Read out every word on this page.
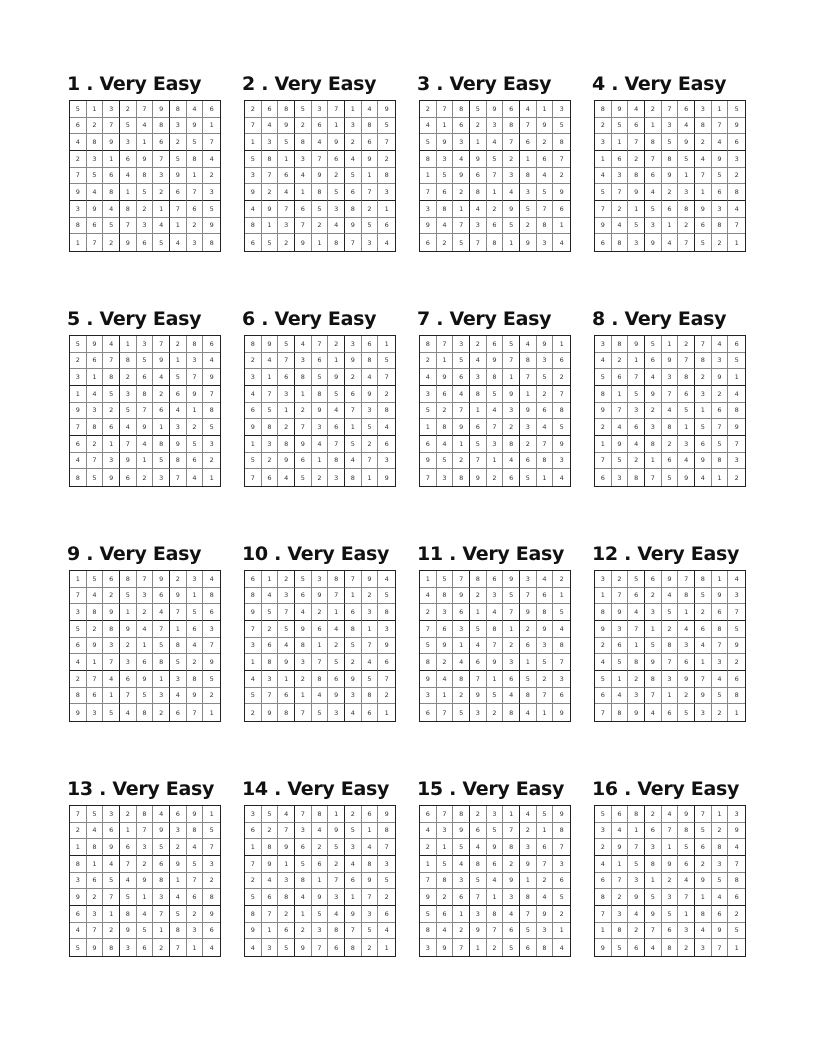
1 . Very Easy
5	1	3	2	7	9	8	4	6
6	2	7	5	4	8	3	9	1
4	8	9	3	1	6	2	5	7
2	3	1	6	9	7	5	8	4
7	5	6	4	8	3	9	1	2
9	4	8	1	5	2	6	7	3
3	9	4	8	2	1	7	6	5
8	6	5	7	3	4	1	2	9
1	7	2	9	6	5	4	3	8
2 . Very Easy
2	6	8	5	3	7	1	4	9
7	4	9	2	6	1	3	8	5
1	3	5	8	4	9	2	6	7
5	8	1	3	7	6	4	9	2
3	7	6	4	9	2	5	1	8
9	2	4	1	8	5	6	7	3
4	9	7	6	5	3	8	2	1
8	1	3	7	2	4	9	5	6
6	5	2	9	1	8	7	3	4
3 . Very Easy
2	7	8	5	9	6	4	1	3
4	1	6	2	3	8	7	9	5
5	9	3	1	4	7	6	2	8
8	3	4	9	5	2	1	6	7
1	5	9	6	7	3	8	4	2
7	6	2	8	1	4	3	5	9
3	8	1	4	2	9	5	7	6
9	4	7	3	6	5	2	8	1
6	2	5	7	8	1	9	3	4
4 . Very Easy
8	9	4	2	7	6	3	1	5
2	5	6	1	3	4	8	7	9
3	1	7	8	5	9	2	4	6
1	6	2	7	8	5	4	9	3
4	3	8	6	9	1	7	5	2
5	7	9	4	2	3	1	6	8
7	2	1	5	6	8	9	3	4
9	4	5	3	1	2	6	8	7
6	8	3	9	4	7	5	2	1
5 . Very Easy
5	9	4	1	3	7	2	8	6
2	6	7	8	5	9	1	3	4
3	1	8	2	6	4	5	7	9
1	4	5	3	8	2	6	9	7
9	3	2	5	7	6	4	1	8
7	8	6	4	9	1	3	2	5
6	2	1	7	4	8	9	5	3
4	7	3	9	1	5	8	6	2
8	5	9	6	2	3	7	4	1
6 . Very Easy
8	9	5	4	7	2	3	6	1
2	4	7	3	6	1	9	8	5
3	1	6	8	5	9	2	4	7
4	7	3	1	8	5	6	9	2
6	5	1	2	9	4	7	3	8
9	8	2	7	3	6	1	5	4
1	3	8	9	4	7	5	2	6
5	2	9	6	1	8	4	7	3
7	6	4	5	2	3	8	1	9
7 . Very Easy
8	7	3	2	6	5	4	9	1
2	1	5	4	9	7	8	3	6
4	9	6	3	8	1	7	5	2
3	6	4	8	5	9	1	2	7
5	2	7	1	4	3	9	6	8
1	8	9	6	7	2	3	4	5
6	4	1	5	3	8	2	7	9
9	5	2	7	1	4	6	8	3
7	3	8	9	2	6	5	1	4
8 . Very Easy
3	8	9	5	1	2	7	4	6
4	2	1	6	9	7	8	3	5
5	6	7	4	3	8	2	9	1
8	1	5	9	7	6	3	2	4
9	7	3	2	4	5	1	6	8
2	4	6	3	8	1	5	7	9
1	9	4	8	2	3	6	5	7
7	5	2	1	6	4	9	8	3
6	3	8	7	5	9	4	1	2
9 . Very Easy
1	5	6	8	7	9	2	3	4
7	4	2	5	3	6	9	1	8
3	8	9	1	2	4	7	5	6
5	2	8	9	4	7	1	6	3
6	9	3	2	1	5	8	4	7
4	1	7	3	6	8	5	2	9
2	7	4	6	9	1	3	8	5
8	6	1	7	5	3	4	9	2
9	3	5	4	8	2	6	7	1
10 . Very Easy
6	1	2	5	3	8	7	9	4
8	4	3	6	9	7	1	2	5
9	5	7	4	2	1	6	3	8
7	2	5	9	6	4	8	1	3
3	6	4	8	1	2	5	7	9
1	8	9	3	7	5	2	4	6
4	3	1	2	8	6	9	5	7
5	7	6	1	4	9	3	8	2
2	9	8	7	5	3	4	6	1
11 . Very Easy
1	5	7	8	6	9	3	4	2
4	8	9	2	3	5	7	6	1
2	3	6	1	4	7	9	8	5
7	6	3	5	8	1	2	9	4
5	9	1	4	7	2	6	3	8
8	2	4	6	9	3	1	5	7
9	4	8	7	1	6	5	2	3
3	1	2	9	5	4	8	7	6
6	7	5	3	2	8	4	1	9
12 . Very Easy
3	2	5	6	9	7	8	1	4
1	7	6	2	4	8	5	9	3
8	9	4	3	5	1	2	6	7
9	3	7	1	2	4	6	8	5
2	6	1	5	8	3	4	7	9
4	5	8	9	7	6	1	3	2
5	1	2	8	3	9	7	4	6
6	4	3	7	1	2	9	5	8
7	8	9	4	6	5	3	2	1
13 . Very Easy
7	5	3	2	8	4	6	9	1
2	4	6	1	7	9	3	8	5
1	8	9	6	3	5	2	4	7
8	1	4	7	2	6	9	5	3
3	6	5	4	9	8	1	7	2
9	2	7	5	1	3	4	6	8
6	3	1	8	4	7	5	2	9
4	7	2	9	5	1	8	3	6
5	9	8	3	6	2	7	1	4
14 . Very Easy
3	5	4	7	8	1	2	6	9
6	2	7	3	4	9	5	1	8
1	8	9	6	2	5	3	4	7
7	9	1	5	6	2	4	8	3
2	4	3	8	1	7	6	9	5
5	6	8	4	9	3	1	7	2
8	7	2	1	5	4	9	3	6
9	1	6	2	3	8	7	5	4
4	3	5	9	7	6	8	2	1
15 . Very Easy
6	7	8	2	3	1	4	5	9
4	3	9	6	5	7	2	1	8
2	1	5	4	9	8	3	6	7
1	5	4	8	6	2	9	7	3
7	8	3	5	4	9	1	2	6
9	2	6	7	1	3	8	4	5
5	6	1	3	8	4	7	9	2
8	4	2	9	7	6	5	3	1
3	9	7	1	2	5	6	8	4
16 . Very Easy
5	6	8	2	4	9	7	1	3
3	4	1	6	7	8	5	2	9
2	9	7	3	1	5	6	8	4
4	1	5	8	9	6	2	3	7
6	7	3	1	2	4	9	5	8
8	2	9	5	3	7	1	4	6
7	3	4	9	5	1	8	6	2
1	8	2	7	6	3	4	9	5
9	5	6	4	8	2	3	7	1
